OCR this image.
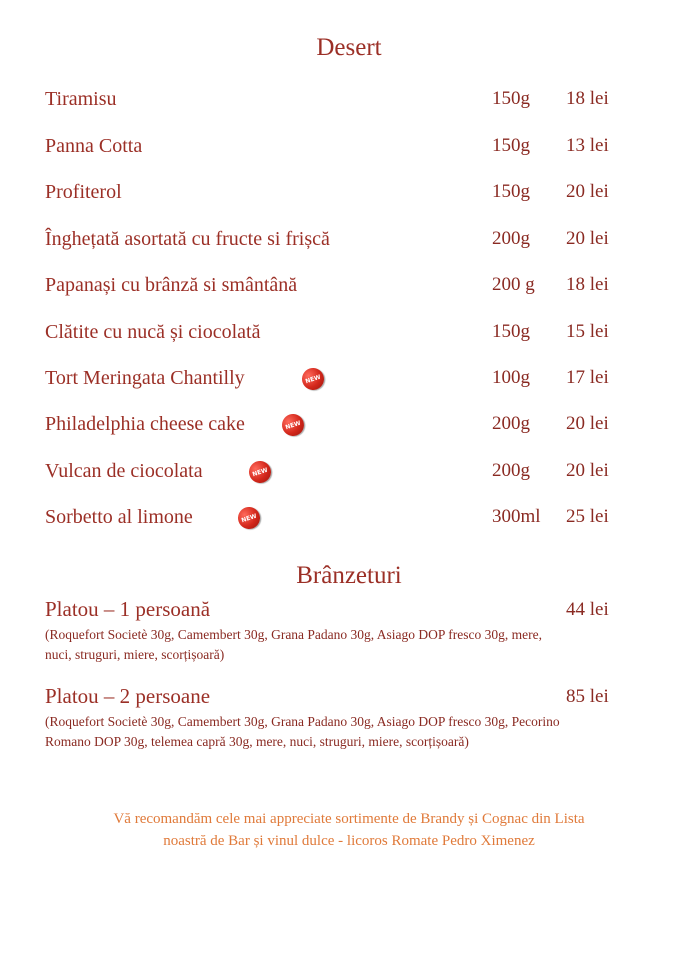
Desert
Tiramisu	150g 18 lei
Panna Cotta	150g 13 lei
Profiterol	150g 20 lei
Înghețată asortată cu fructe si frișcă	200g 20 lei
Papanași cu brânză si smântână	200 g 18 lei
Clătite cu nucă și ciocolată	150g 15 lei
Tort Meringata Chantilly	NEW	100g 17 lei
Philadelphia cheese cake	NEW	200g 20 lei
Vulcan de ciocolata	NEW	200g 20 lei
Sorbetto al limone	NEW	300ml 25 lei
Brânzeturi
Platou – 1 persoană	44 lei
(Roquefort Societè 30g, Camembert 30g, Grana Padano 30g, Asiago DOP fresco 30g, mere, nuci, struguri, miere, scorțișoară)
Platou – 2 persoane	85 lei
(Roquefort Societè 30g, Camembert 30g, Grana Padano 30g, Asiago DOP fresco 30g, Pecorino Romano DOP 30g, telemea capră 30g, mere, nuci, struguri, miere, scorțișoară)
Vă recomandăm cele mai appreciate sortimente de Brandy și Cognac din Lista
noastră de Bar și vinul dulce - licoros Romate Pedro Ximenez
